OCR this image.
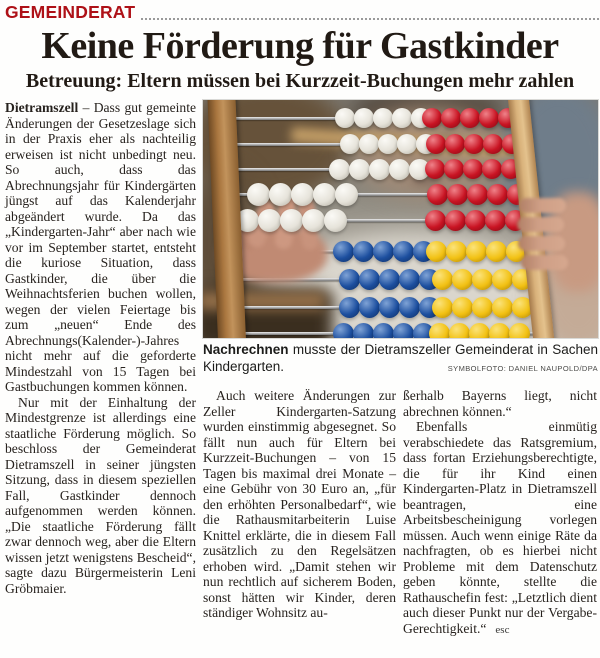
GEMEINDERAT
Keine Förderung für Gastkinder
Betreuung: Eltern müssen bei Kurzzeit-Buchungen mehr zahlen

Dietramszell – Dass gut gemeinte Änderungen der Gesetzeslage sich in der Praxis eher als nachteilig erweisen ist nicht unbedingt neu. So auch, dass das Abrechnungsjahr für Kindergärten jüngst auf das Kalenderjahr abgeändert wurde. Da das „Kindergarten-Jahr“ aber nach wie vor im September startet, entsteht die kuriose Situation, dass Gastkinder, die über die Weihnachtsferien buchen wollen, wegen der vielen Feiertage bis zum „neuen“ Ende des Abrechnungs(Kalender-)-Jahres nicht mehr auf die geforderte Mindestzahl von 15 Tagen bei Gastbuchungen kommen können.

Nur mit der Einhaltung der Mindestgrenze ist allerdings eine staatliche Förderung möglich. So beschloss der Gemeinderat Dietramszell in seiner jüngsten Sitzung, dass in diesem speziellen Fall, Gastkinder dennoch aufgenommen werden können. „Die staatliche Förderung fällt zwar dennoch weg, aber die Eltern wissen jetzt wenigstens Bescheid“, sagte dazu Bürgermeisterin Leni Gröbmaier.

Nachrechnen musste der Dietramszeller Gemeinderat in Sachen Kindergarten.	SYMBOLFOTO: DANIEL NAUPOLD/DPA

Auch weitere Änderungen zur Zeller Kindergarten-Satzung wurden einstimmig abgesegnet. So fällt nun auch für Eltern bei Kurzzeit-Buchungen – von 15 Tagen bis maximal drei Monate – eine Gebühr von 30 Euro an, „für den erhöhten Personalbedarf“, wie die Rathausmitarbeiterin Luise Knittel erklärte, die in diesem Fall zusätzlich zu den Regelsätzen erhoben wird. „Damit stehen wir nun rechtlich auf sicherem Boden, sonst hätten wir Kinder, deren ständiger Wohnsitz au-

ßerhalb Bayerns liegt, nicht abrechnen können.“

Ebenfalls einmütig verabschiedete das Ratsgremium, dass fortan Erziehungsberechtigte, die für ihr Kind einen Kindergarten-Platz in Dietramszell beantragen, eine Arbeitsbescheinigung vorlegen müssen. Auch wenn einige Räte da nachfragten, ob es hierbei nicht Probleme mit dem Datenschutz geben könnte, stellte die Rathauschefin fest: „Letztlich dient auch dieser Punkt nur der Vergabe-Gerechtigkeit.“ esc
